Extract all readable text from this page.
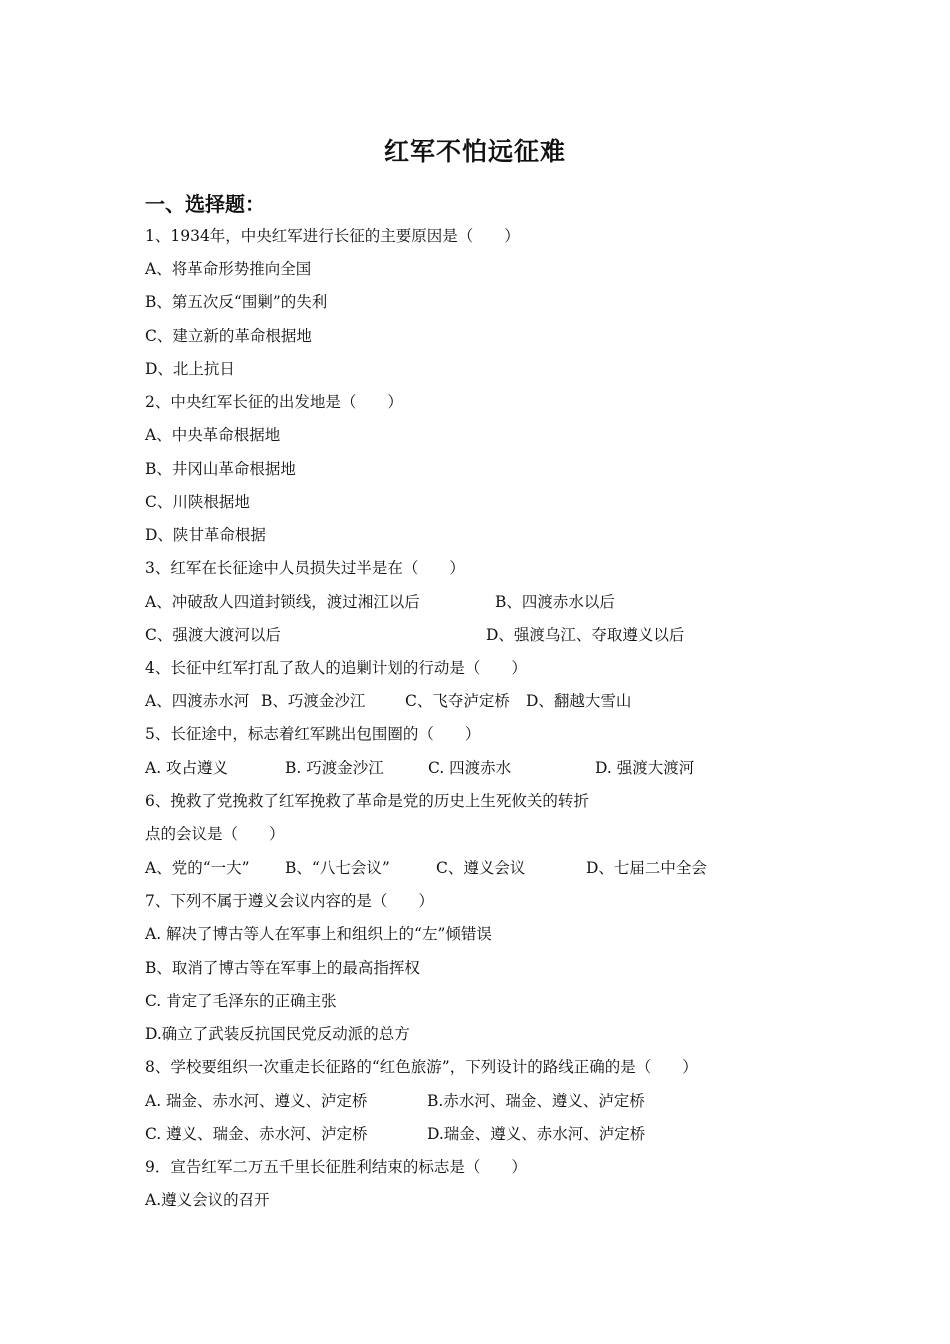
红军不怕远征难
一、选择题：
1、1934年，中央红军进行长征的主要原因是（　　）
A、将革命形势推向全国
B、第五次反“围剿”的失利
C、建立新的革命根据地
D、北上抗日
2、中央红军长征的出发地是（　　）
A、中央革命根据地
B、井冈山革命根据地
C、川陕根据地
D、陕甘革命根据
3、红军在长征途中人员损失过半是在（　　）

A、冲破敌人四道封锁线，渡过湘江以后

	B、四渡赤水以后

C、强渡大渡河以后

	D、强渡乌江、夺取遵义以后

4、长征中红军打乱了敌人的追剿计划的行动是（　　）

A、四渡赤水河

B、巧渡金沙江

	C、飞夺泸定桥

D、翻越大雪山

5、长征途中，标志着红军跳出包围圈的（　　）

A. 攻占遵义

	B. 巧渡金沙江

	C. 四渡赤水

	D. 强渡大渡河

6、挽救了党挽救了红军挽救了革命是党的历史上生死攸关的转折
点的会议是（　　）

A、党的“一大”

B、“八七会议”

	C、遵义会议

	D、七届二中全会

7、下列不属于遵义会议内容的是（　　）
A. 解决了博古等人在军事上和组织上的“左”倾错误
B、取消了博古等在军事上的最高指挥权
C. 肯定了毛泽东的正确主张
D.确立了武装反抗国民党反动派的总方
8、学校要组织一次重走长征路的“红色旅游”，下列设计的路线正确的是（　　）

A. 瑞金、赤水河、遵义、泸定桥

	B.赤水河、瑞金、遵义、泸定桥

C. 遵义、瑞金、赤水河、泸定桥

	D.瑞金、遵义、赤水河、泸定桥

9．宣告红军二万五千里长征胜利结束的标志是（　　）
A.遵义会议的召开
